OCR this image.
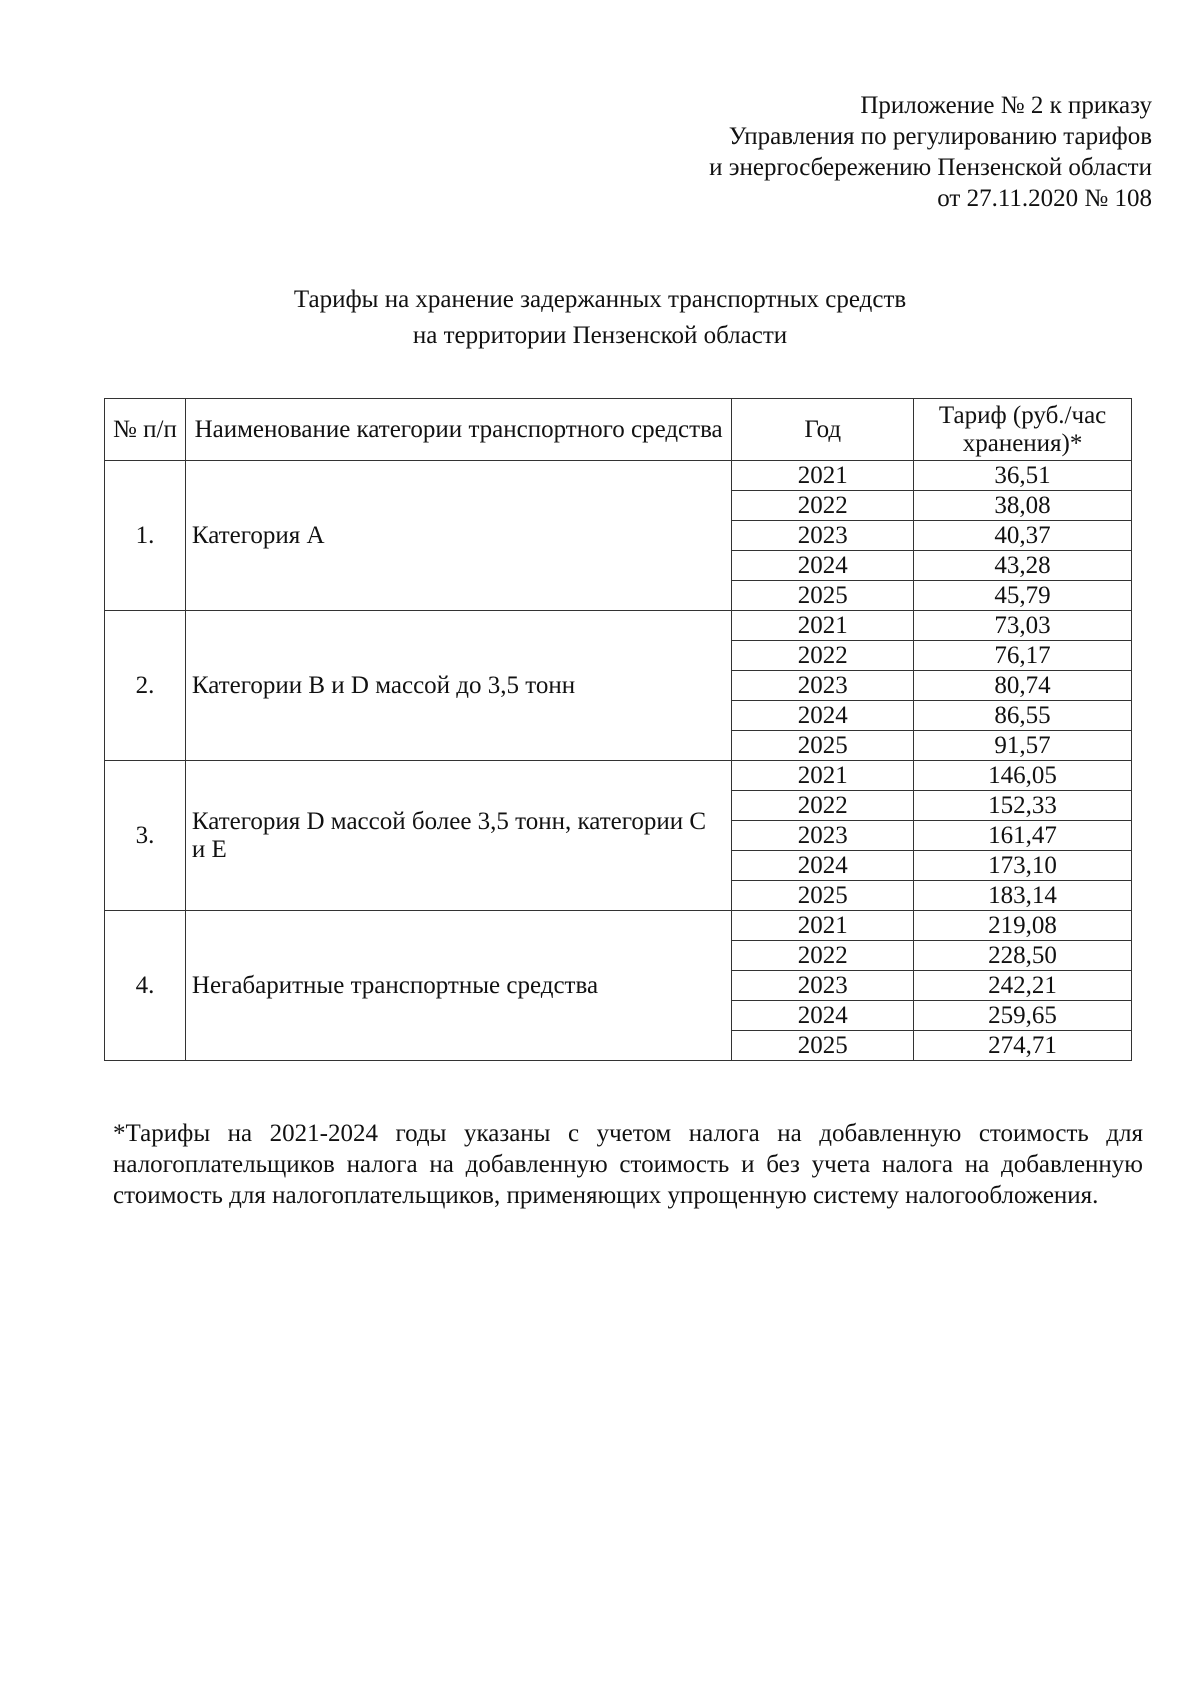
Приложение № 2 к приказу
Управления по регулированию тарифов
и энергосбережению Пензенской области
от 27.11.2020 № 108
Тарифы на хранение задержанных транспортных средств
на территории Пензенской области
№ п/п	Наименование категории транспортного средства	Год	Тариф (руб./час хранения)*
1.	Категория А	2021	36,51
		2022	38,08
		2023	40,37
		2024	43,28
		2025	45,79
2.	Категории В и D массой до 3,5 тонн	2021	73,03
		2022	76,17
		2023	80,74
		2024	86,55
		2025	91,57
3.	Категория D массой более 3,5 тонн, категории С и Е	2021	146,05
		2022	152,33
		2023	161,47
		2024	173,10
		2025	183,14
4.	Негабаритные транспортные средства	2021	219,08
		2022	228,50
		2023	242,21
		2024	259,65
		2025	274,71
*Тарифы на 2021-2024 годы указаны с учетом налога на добавленную стоимость для налогоплательщиков налога на добавленную стоимость и без учета налога на добавленную стоимость для налогоплательщиков, применяющих упрощенную систему налогообложения.
